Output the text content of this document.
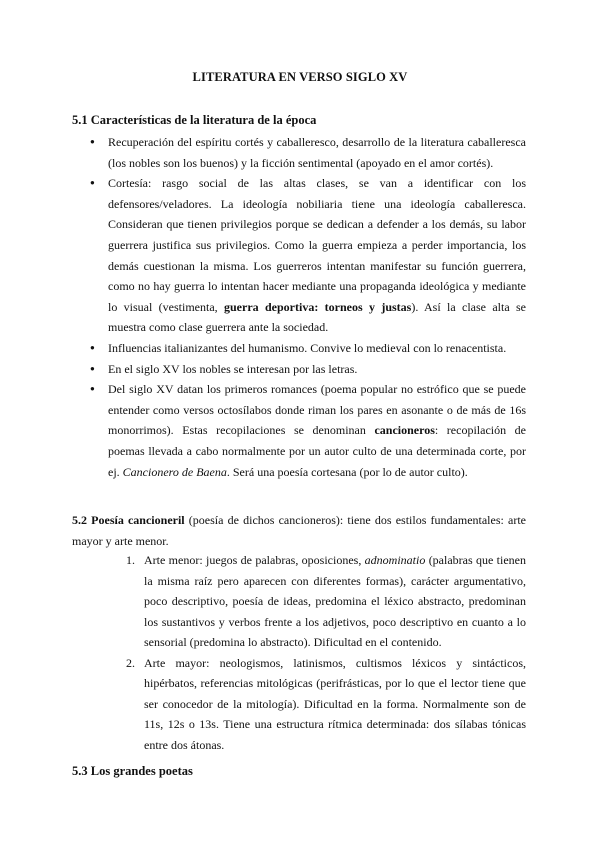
LITERATURA EN VERSO SIGLO XV
5.1 Características de la literatura de la época
● Recuperación del espíritu cortés y caballeresco, desarrollo de la literatura caballeresca (los nobles son los buenos) y la ficción sentimental (apoyado en el amor cortés).
● Cortesía: rasgo social de las altas clases, se van a identificar con los defensores/veladores. La ideología nobiliaria tiene una ideología caballeresca. Consideran que tienen privilegios porque se dedican a defender a los demás, su labor guerrera justifica sus privilegios. Como la guerra empieza a perder importancia, los demás cuestionan la misma. Los guerreros intentan manifestar su función guerrera, como no hay guerra lo intentan hacer mediante una propaganda ideológica y mediante lo visual (vestimenta, guerra deportiva: torneos y justas). Así la clase alta se muestra como clase guerrera ante la sociedad.
● Influencias italianizantes del humanismo. Convive lo medieval con lo renacentista.
● En el siglo XV los nobles se interesan por las letras.
● Del siglo XV datan los primeros romances (poema popular no estrófico que se puede entender como versos octosílabos donde riman los pares en asonante o de más de 16s monorrimos). Estas recopilaciones se denominan cancioneros: recopilación de poemas llevada a cabo normalmente por un autor culto de una determinada corte, por ej. Cancionero de Baena. Será una poesía cortesana (por lo de autor culto).
5.2 Poesía cancioneril (poesía de dichos cancioneros): tiene dos estilos fundamentales: arte mayor y arte menor.
1. Arte menor: juegos de palabras, oposiciones, adnominatio (palabras que tienen la misma raíz pero aparecen con diferentes formas), carácter argumentativo, poco descriptivo, poesía de ideas, predomina el léxico abstracto, predominan los sustantivos y verbos frente a los adjetivos, poco descriptivo en cuanto a lo sensorial (predomina lo abstracto). Dificultad en el contenido.
2. Arte mayor: neologismos, latinismos, cultismos léxicos y sintácticos, hipérbatos, referencias mitológicas (perifrásticas, por lo que el lector tiene que ser conocedor de la mitología). Dificultad en la forma. Normalmente son de 11s, 12s o 13s. Tiene una estructura rítmica determinada: dos sílabas tónicas entre dos átonas.
5.3 Los grandes poetas
